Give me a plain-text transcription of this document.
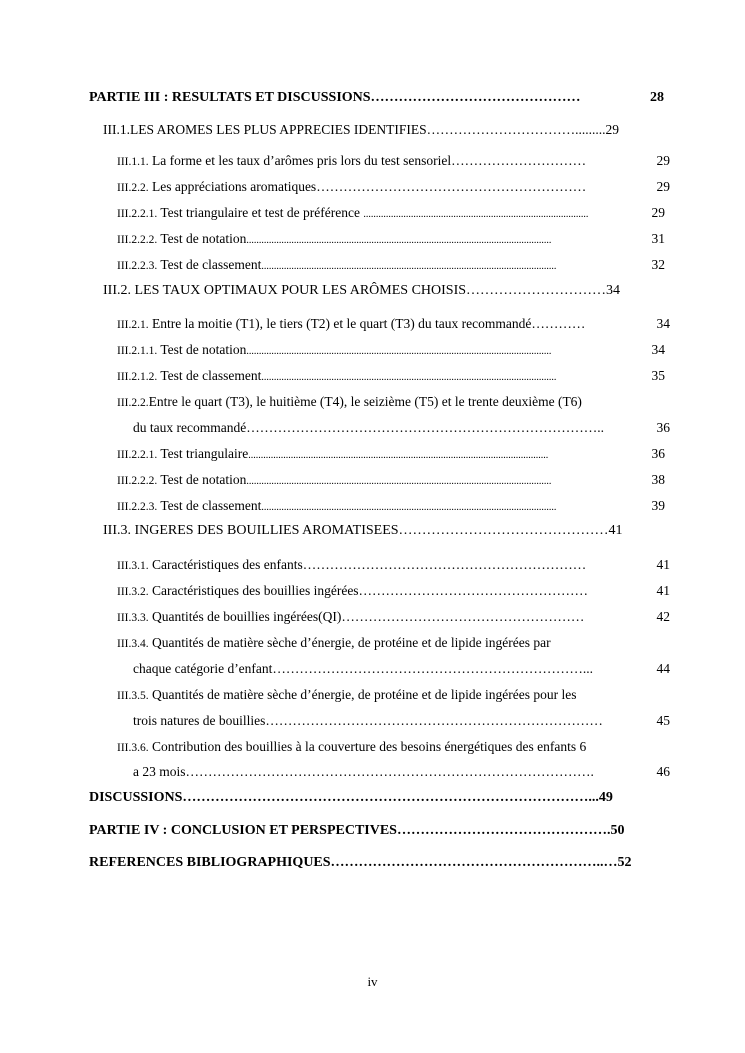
PARTIE III : RESULTATS ET DISCUSSIONS………………………………………	28
III.1.LES AROMES LES PLUS APPRECIES IDENTIFIES…………………………….........29
III.1.1. La forme et les taux d’arômes pris lors du test sensoriel…………………………	29
III.2.2. Les appréciations aromatiques……………………………………………………	29
III.2.2.1. Test triangulaire et test de préférence ..........................................................................................	29
III.2.2.2. Test de notation..........................................................................................................................	31
III.2.2.3. Test de classement......................................................................................................................	32
III.2. LES TAUX OPTIMAUX POUR LES ARÔMES CHOISIS…………………………34
III.2.1. Entre la moitie (T1), le tiers (T2) et le quart (T3) du taux recommandé…………	34
III.2.1.1. Test de notation..........................................................................................................................	34
III.2.1.2. Test de classement......................................................................................................................	35
III.2.2.Entre le quart (T3), le huitième (T4), le seizième (T5) et le trente deuxième (T6)
du taux recommandé……………………………………………………………………..	36
III.2.2.1. Test triangulaire........................................................................................................................	36
III.2.2.2. Test de notation..........................................................................................................................	38
III.2.2.3. Test de classement......................................................................................................................	39
III.3. INGERES DES BOUILLIES AROMATISEES………………………………………41
III.3.1. Caractéristiques des enfants………………………………………………………	41
III.3.2. Caractéristiques des bouillies ingérées……………………………………………	41
III.3.3. Quantités de bouillies ingérées(QI)………………………………………………	42
III.3.4. Quantités de matière sèche d’énergie, de protéine et de lipide ingérées par
chaque catégorie d’enfant……………………………………………………………...	44
III.3.5. Quantités de matière sèche d’énergie, de protéine et de lipide ingérées pour les
trois natures de bouillies…………………………………………………………………	45
III.3.6. Contribution des bouillies à la couverture des besoins énergétiques des enfants 6
a 23 mois……………………………………………………………………………….	46
DISCUSSIONS……………………………………………………………………………...49
PARTIE IV : CONCLUSION ET PERSPECTIVES……………………………………….50
REFERENCES BIBLIOGRAPHIQUES…………………………………………………..…52
iv
